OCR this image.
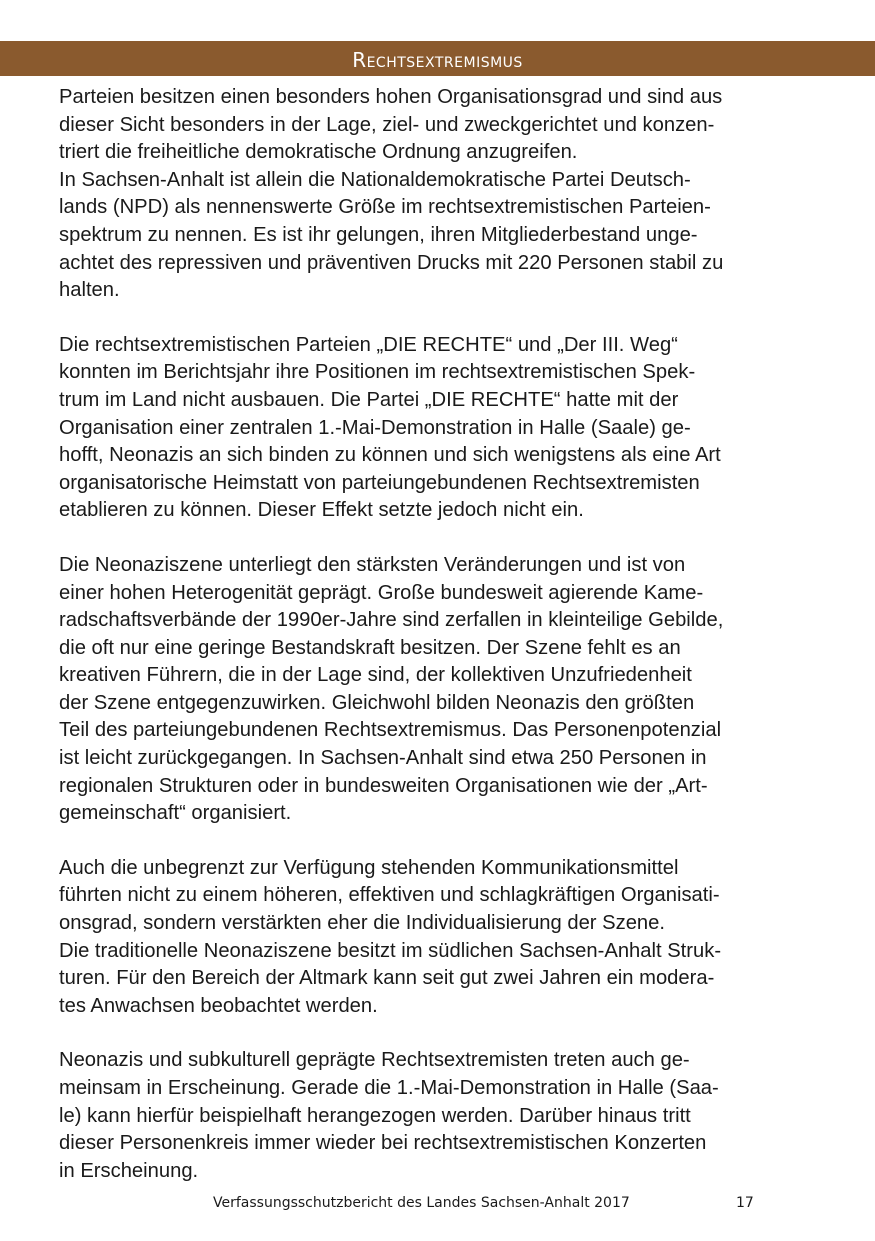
Rechtsextremismus

Parteien besitzen einen besonders hohen Organisationsgrad und sind aus
dieser Sicht besonders in der Lage, ziel- und zweckgerichtet und konzen-
triert die freiheitliche demokratische Ordnung anzugreifen.
In Sachsen-Anhalt ist allein die Nationaldemokratische Partei Deutsch-
lands (NPD) als nennenswerte Größe im rechtsextremistischen Parteien-
spektrum zu nennen. Es ist ihr gelungen, ihren Mitgliederbestand unge-
achtet des repressiven und präventiven Drucks mit 220 Personen stabil zu
halten.

Die rechtsextremistischen Parteien „DIE RECHTE“ und „Der III. Weg“
konnten im Berichtsjahr ihre Positionen im rechtsextremistischen Spek-
trum im Land nicht ausbauen. Die Partei „DIE RECHTE“ hatte mit der
Organisation einer zentralen 1.-Mai-Demonstration in Halle (Saale) ge-
hofft, Neonazis an sich binden zu können und sich wenigstens als eine Art
organisatorische Heimstatt von parteiungebundenen Rechtsextremisten
etablieren zu können. Dieser Effekt setzte jedoch nicht ein.

Die Neonaziszene unterliegt den stärksten Veränderungen und ist von
einer hohen Heterogenität geprägt. Große bundesweit agierende Kame-
radschaftsverbände der 1990er-Jahre sind zerfallen in kleinteilige Gebilde,
die oft nur eine geringe Bestandskraft besitzen. Der Szene fehlt es an
kreativen Führern, die in der Lage sind, der kollektiven Unzufriedenheit
der Szene entgegenzuwirken. Gleichwohl bilden Neonazis den größten
Teil des parteiungebundenen Rechtsextremismus. Das Personenpotenzial
ist leicht zurückgegangen. In Sachsen-Anhalt sind etwa 250 Personen in
regionalen Strukturen oder in bundesweiten Organisationen wie der „Art-
gemeinschaft“ organisiert.

Auch die unbegrenzt zur Verfügung stehenden Kommunikationsmittel
führten nicht zu einem höheren, effektiven und schlagkräftigen Organisati-
onsgrad, sondern verstärkten eher die Individualisierung der Szene.
Die traditionelle Neonaziszene besitzt im südlichen Sachsen-Anhalt Struk-
turen. Für den Bereich der Altmark kann seit gut zwei Jahren ein modera-
tes Anwachsen beobachtet werden.

Neonazis und subkulturell geprägte Rechtsextremisten treten auch ge-
meinsam in Erscheinung. Gerade die 1.-Mai-Demonstration in Halle (Saa-
le) kann hierfür beispielhaft herangezogen werden. Darüber hinaus tritt
dieser Personenkreis immer wieder bei rechtsextremistischen Konzerten
in Erscheinung.

Verfassungsschutzbericht des Landes Sachsen-Anhalt 2017	17
